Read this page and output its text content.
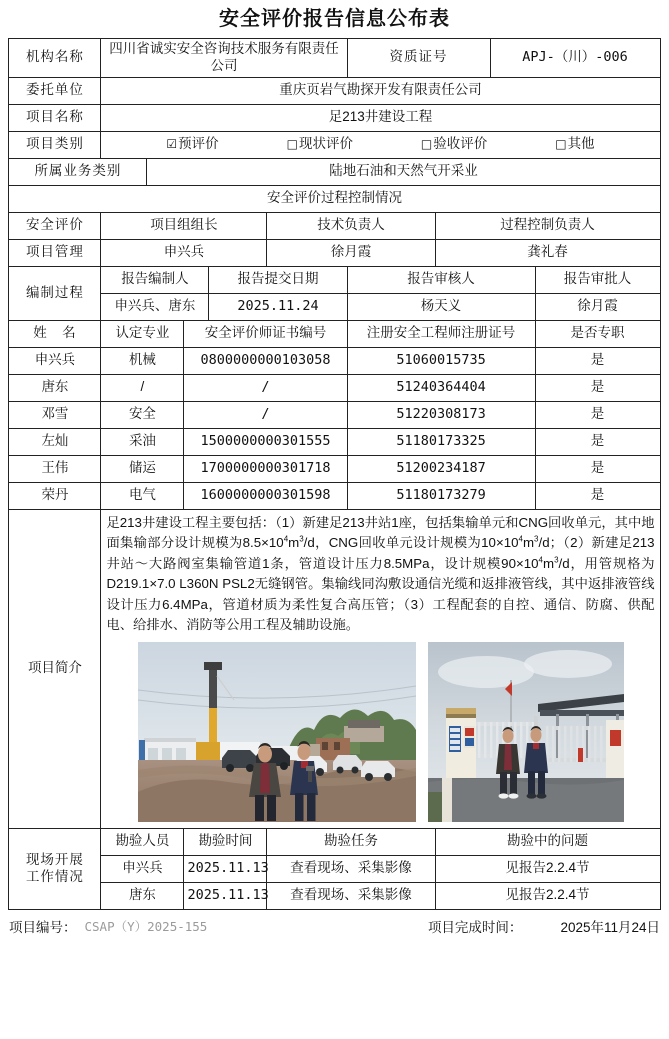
安全评价报告信息公布表
机构名称	四川省诚实安全咨询技术服务有限责任公司					资质证号		APJ-（川）-006	
委托单位	重庆页岩气勘探开发有限责任公司								
项目名称	足213井建设工程								
项目类别	☑预评价 □现状评价 □验收评价 □其他								

所属业务类别		陆地石油和天然气开采业							
安全评价过程控制情况									
安全评价	项目组组长				技术负责人		过程控制负责人		
项目管理	申兴兵				徐月霞		龚礼春		
编制过程	报告编制人			报告提交日期		报告审核人			报告审批人
	申兴兵、唐东			2025.11.24		杨天义			徐月霞
姓　名	认定专业		安全评价师证书编号			注册安全工程师注册证号			是否专职
申兴兵	机械		0800000000103058			51060015735			是
唐东	/		/			51240364404			是
邓雪	安全		/			51220308173			是
左灿	采油		1500000000301555			51180173325			是
王伟	储运		1700000000301718			51200234187			是
荣丹	电气		1600000000301598			51180173279			是
项目简介	足213井建设工程主要包括：（1）新建足213井站1座，包括集输单元和CNG回收单元，其中地面集输部分设计规模为$8.5\times 10^4m^3/d$，CNG回收单元设计规模为$10\times 10^4m^3/d$；（2）新建足213井站～大路阀室集输管道1条，管道设计压力8.5MPa，设计规模$90\times 10^4m^3/d$，用管规格为D219.1×7.0 L360N PSL2无缝钢管。集输线同沟敷设通信光缆和返排液管线，其中返排液管线设计压力6.4MPa，管道材质为柔性复合高压管；（3）工程配套的自控、通信、防腐、供配电、给排水、消防等公用工程及辅助设施。								

现场开展
工作情况	勘验人员		勘验时间		勘验任务		勘验中的问题		
	申兴兵		2025.11.13		查看现场、采集影像		见报告2.2.4节		
	唐东		2025.11.13		查看现场、采集影像		见报告2.2.4节		
项目编号： CSAP（Y）2025-155	项目完成时间：	2025年11月24日
